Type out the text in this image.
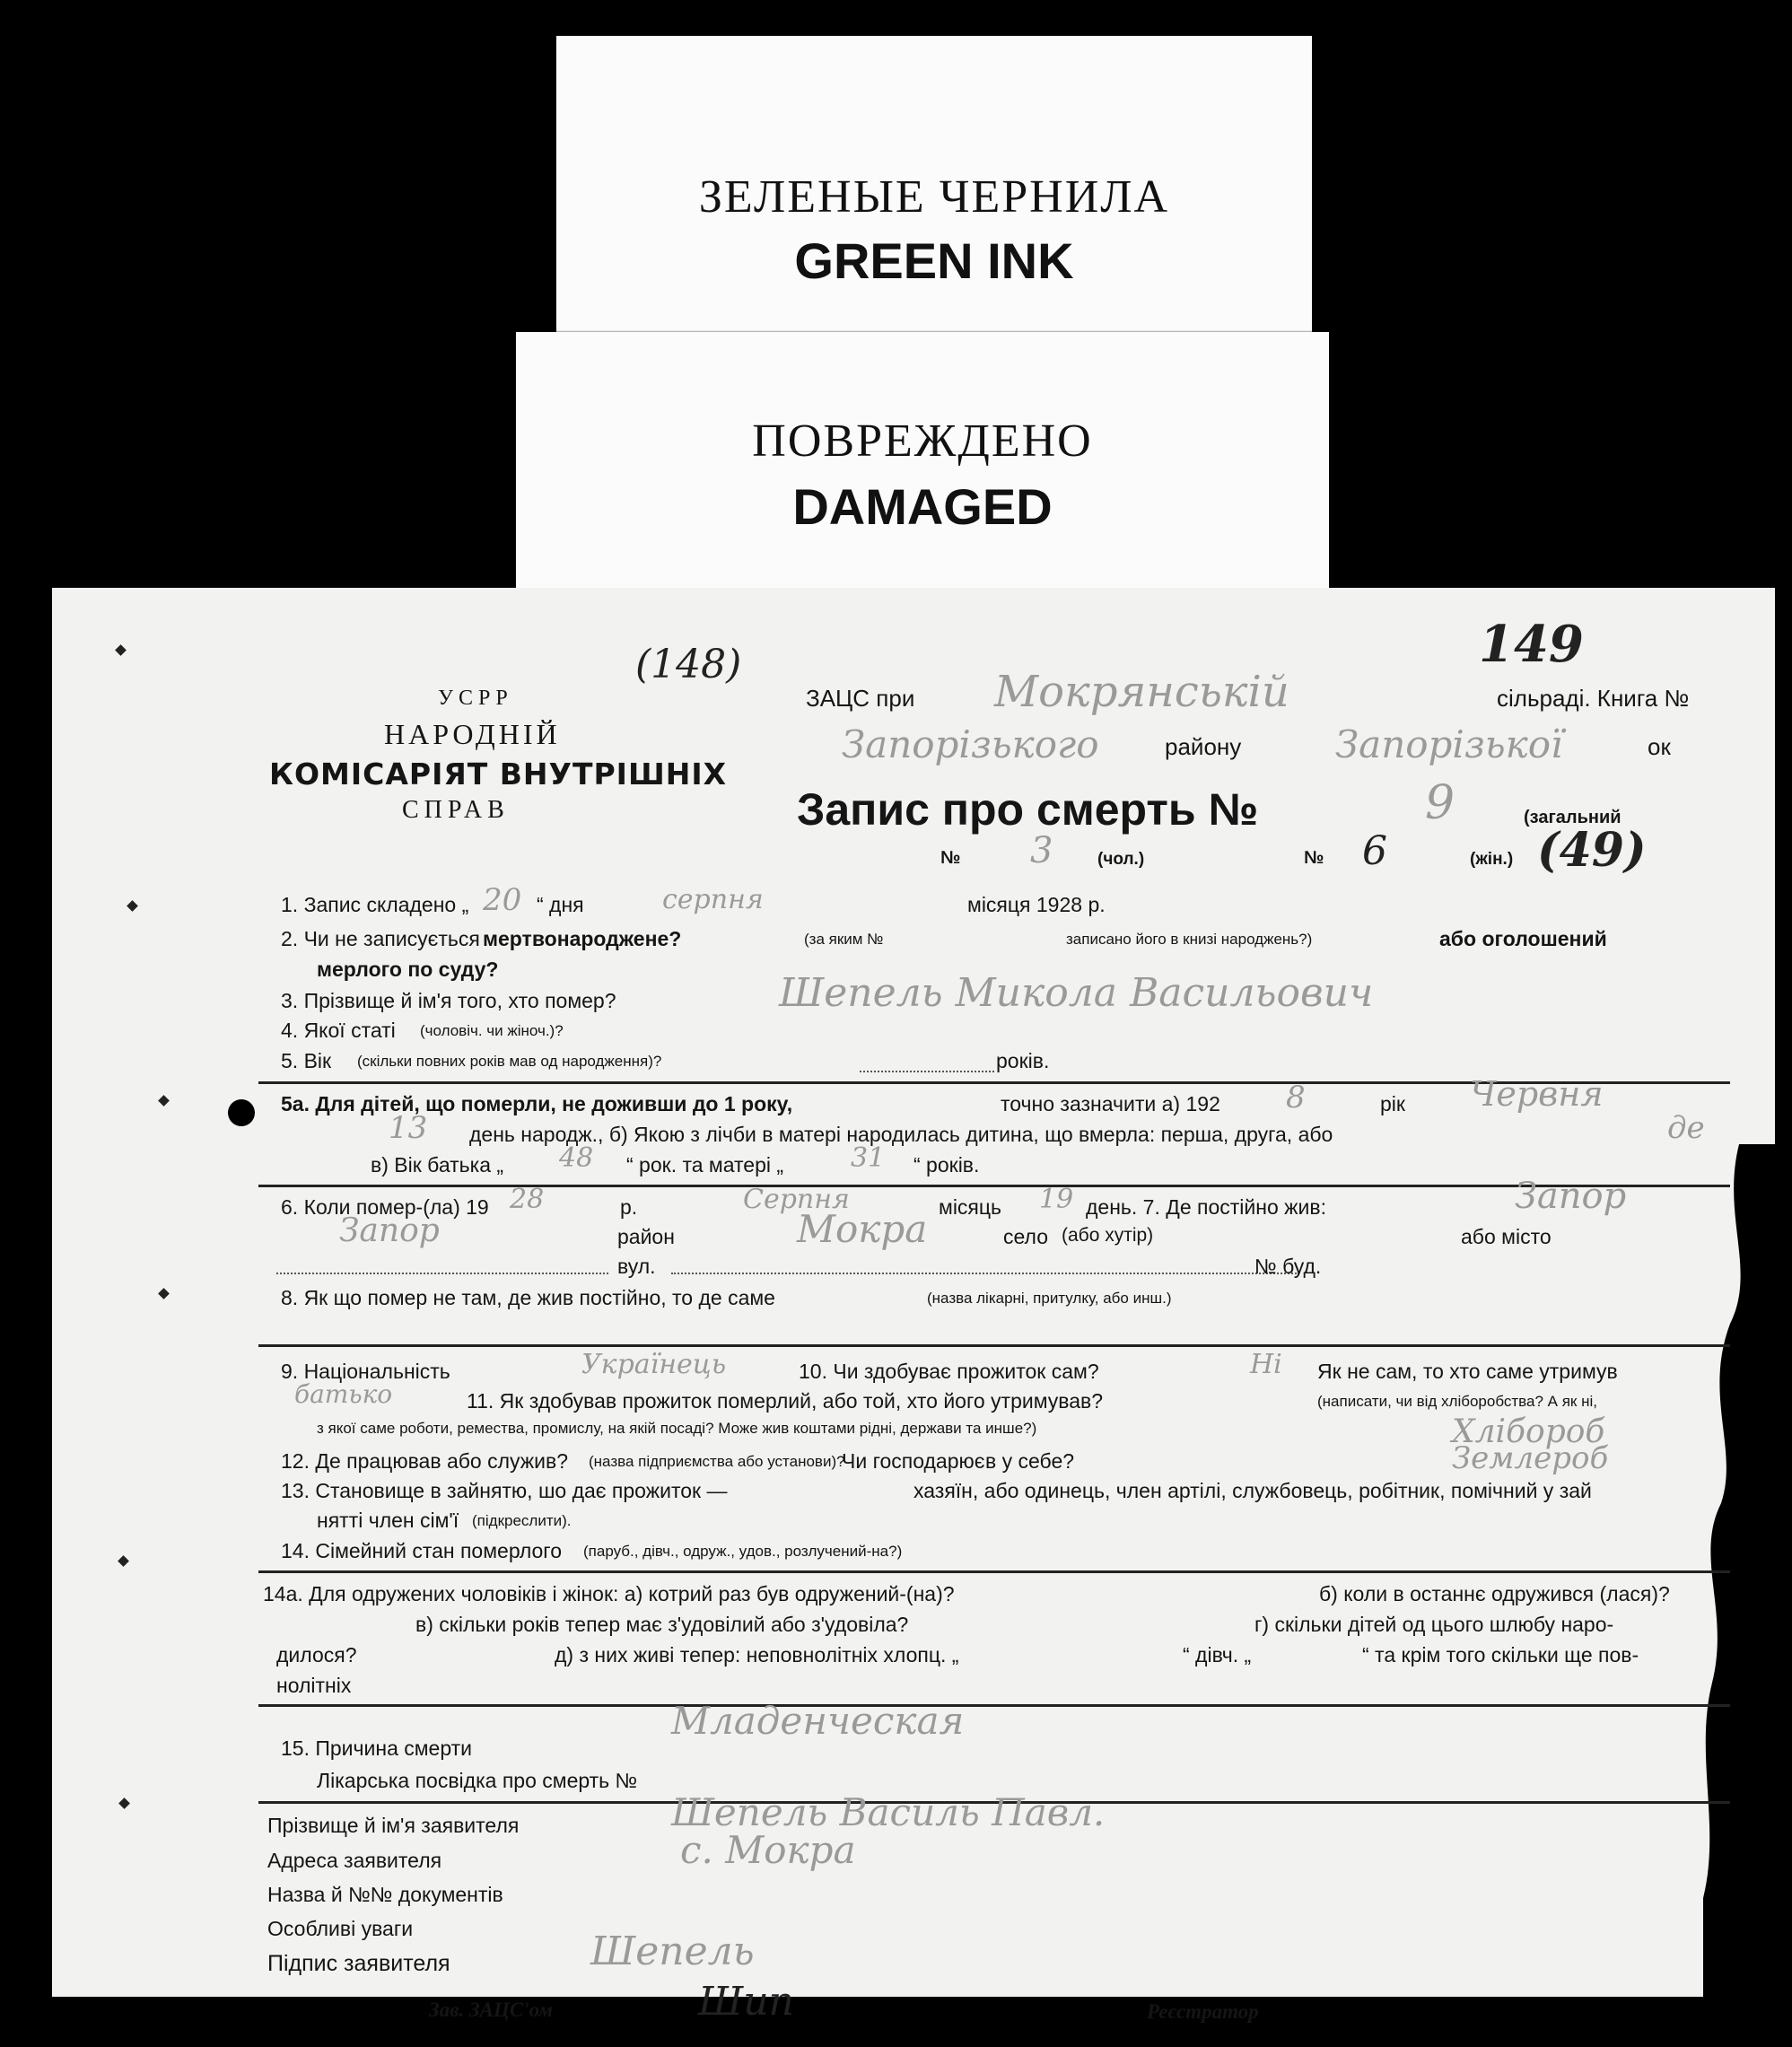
ЗЕЛЕНЫЕ ЧЕРНИЛА
GREEN INK
ПОВРЕЖДЕНО
DAMAGED
У С Р Р
НАРОДНІЙ
КОМІСАРІЯТ ВНУТРІШНІХ
СПРАВ
(148)
ЗАЦС при Мокрянській	сільраді. Книга №
149
Запорізького	району Запорізької	ок
Запис про смерть №	9	(загальний
№ 3	(чол.)	№ 6	(жін.) (49)
1. Запис складено „ 20 “ дня	серпня	місяця 1928 р.
2. Чи не записується мертвонароджене?	(за яким №	записано його в книзі народжень?)	або оголошений
мерлого по суду?
3. Прізвище й ім'я того, хто помер?	Шепель Микола Васильович
4. Якої статі (чоловіч. чи жіноч.)?
5. Вік (скільки повних років мав од народження)?	років.
5а. Для дітей, що померли, не доживши до 1 року,	точно зазначити а) 192 8	рік Червня
13 день народж., б) Якою з лічби в матері народилась дитина, що вмерла: перша, друга, або	де
в) Вік батька „ 48 “ рок. та матері „ 31 “ років.
6. Коли помер-(ла) 19 28	р.	Серпня	місяць 19 день. 7. Де постійно жив:	Запор
Запор	район	Мокра	село (або хутір)	або місто
вул.	№ буд.
8. Як що помер не там, де жив постійно, то де саме	(назва лікарні, притулку, або инш.)
9. Національність	Українець	10. Чи здобуває прожиток сам?	Ні Як не сам, то хто саме утримув
батько	11. Як здобував прожиток померлий, або той, хто його утримував?	(написати, чи від хліборобства? А як ні,
з якої саме роботи, ремества, промислу, на якій посаді? Може жив коштами рідні, держави та инше?)	Хлібороб
12. Де працював або служив? (назва підприємства або установи)?
Чи господарює в у себе?	Землероб
13. Становище в зайнятю, шо дає прожиток —	хазяїн, або одинець, член артілі, службовець, робітник, помічний у зай
нятті член сім'ї (підкреслити).
14. Сімейний стан померлого (паруб., дівч., одруж., удов., розлучений-на?)
14а. Для одружених чоловіків і жінок: а) котрий раз був одружений-(на)?	б) коли в останнє одружився (лася)?
в) скільки років тепер має з'удовілий або з'удовіла?	г) скільки дітей од цього шлюбу наро-
дилося?	д) з них живі тепер: неповнолітніх хлопц. „	“ дівч. „	“ та крім того скільки ще пов-
нолітніх
Младенческая
15. Причина смерти
Лікарська посвідка про смерть №
Прізвище й ім'я заявителя	Шепель Василь Павл.
Адреса заявителя	с. Мокра
Назва й №№ документів
Особливі уваги
Підпис заявителя	Шепель
Зав. ЗАЦС'ом	Шип	Реєстратор
